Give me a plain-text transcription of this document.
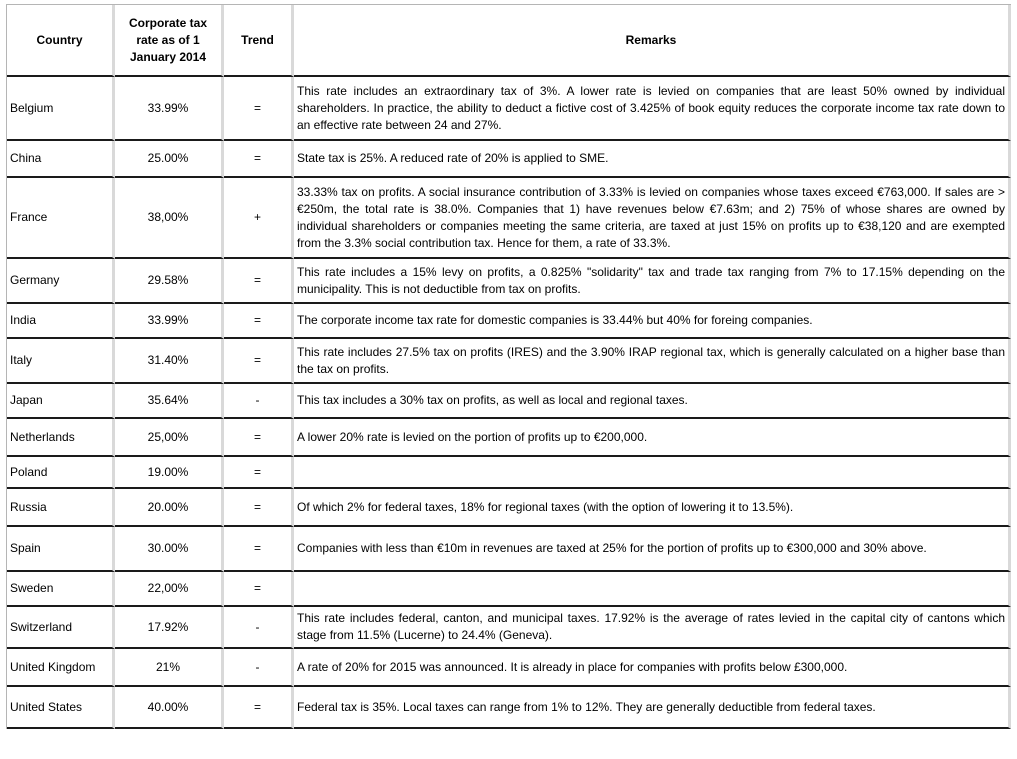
Country	Corporate tax rate as of 1 January 2014	Trend	Remarks
Belgium	33.99%	=	This rate includes an extraordinary tax of 3%. A lower rate is levied on companies that are least 50% owned by individual shareholders. In practice, the ability to deduct a fictive cost of 3.425% of book equity reduces the corporate income tax rate down to an effective rate between 24 and 27%.
China	25.00%	=	State tax is 25%. A reduced rate of 20% is applied to SME.
France	38,00%	+	33.33% tax on profits. A social insurance contribution of 3.33% is levied on companies whose taxes exceed €763,000. If sales are > €250m, the total rate is 38.0%. Companies that 1) have revenues below €7.63m; and 2) 75% of whose shares are owned by individual shareholders or companies meeting the same criteria, are taxed at just 15% on profits up to €38,120 and are exempted from the 3.3% social contribution tax. Hence for them, a rate of 33.3%.
Germany	29.58%	=	This rate includes a 15% levy on profits, a 0.825% "solidarity" tax and trade tax ranging from 7% to 17.15% depending on the municipality. This is not deductible from tax on profits.
India	33.99%	=	The corporate income tax rate for domestic companies is 33.44% but 40% for foreing companies.
Italy	31.40%	=	This rate includes 27.5% tax on profits (IRES) and the 3.90% IRAP regional tax, which is generally calculated on a higher base than the tax on profits.
Japan	35.64%	-	This tax includes a 30% tax on profits, as well as local and regional taxes.
Netherlands	25,00%	=	A lower 20% rate is levied on the portion of profits up to €200,000.
Poland	19.00%	=	
Russia	20.00%	=	Of which 2% for federal taxes, 18% for regional taxes (with the option of lowering it to 13.5%).
Spain	30.00%	=	Companies with less than €10m in revenues are taxed at 25% for the portion of profits up to €300,000 and 30% above.
Sweden	22,00%	=	
Switzerland	17.92%	-	This rate includes federal, canton, and municipal taxes. 17.92% is the average of rates levied in the capital city of cantons which stage from 11.5% (Lucerne) to 24.4% (Geneva).
United Kingdom	21%	-	A rate of 20% for 2015 was announced. It is already in place for companies with profits below £300,000.
United States	40.00%	=	Federal tax is 35%. Local taxes can range from 1% to 12%. They are generally deductible from federal taxes.
